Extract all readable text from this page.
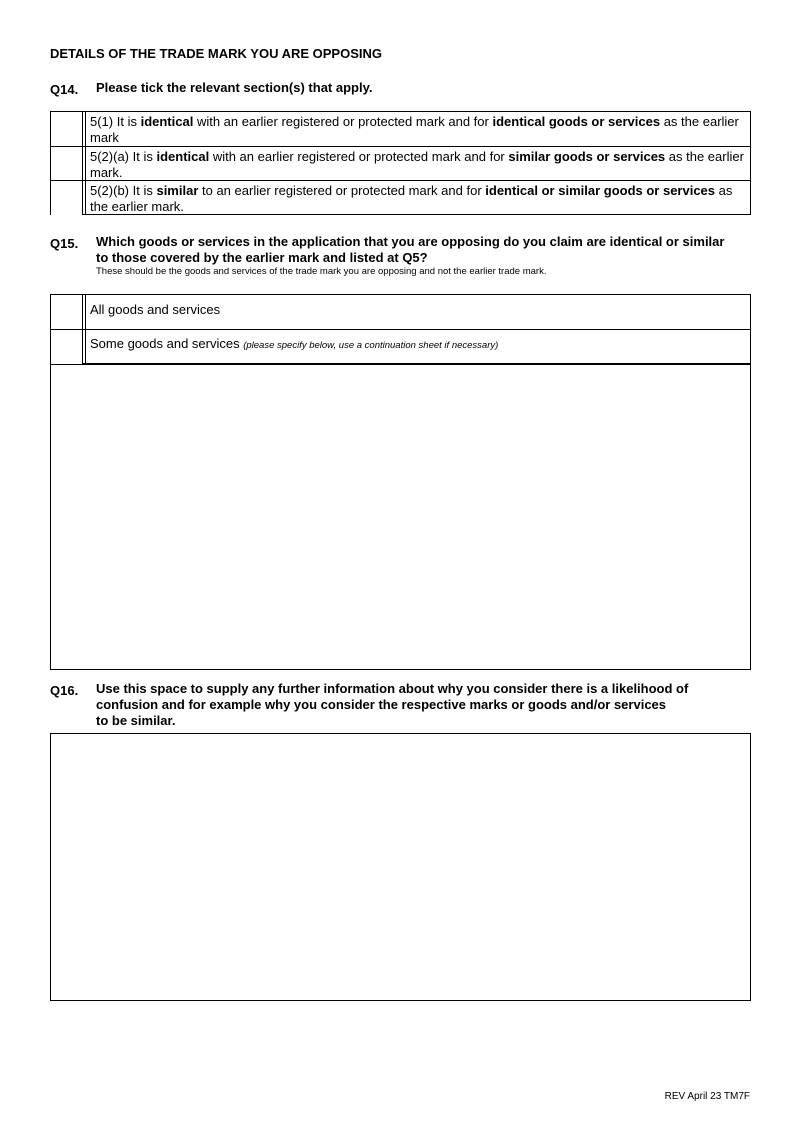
DETAILS OF THE TRADE MARK YOU ARE OPPOSING
Q14. Please tick the relevant section(s) that apply.
5(1) It is identical with an earlier registered or protected mark and for identical goods or services as the earlier mark
5(2)(a) It is identical with an earlier registered or protected mark and for similar goods or services as the earlier mark.
5(2)(b) It is similar to an earlier registered or protected mark and for identical or similar goods or services as the earlier mark.
Q15. Which goods or services in the application that you are opposing do you claim are identical or similar
to those covered by the earlier mark and listed at Q5?
These should be the goods and services of the trade mark you are opposing and not the earlier trade mark.
All goods and services
Some goods and services (please specify below, use a continuation sheet if necessary)
Q16. Use this space to supply any further information about why you consider there is a likelihood of
confusion and for example why you consider the respective marks or goods and/or services
to be similar.
REV April 23 TM7F
